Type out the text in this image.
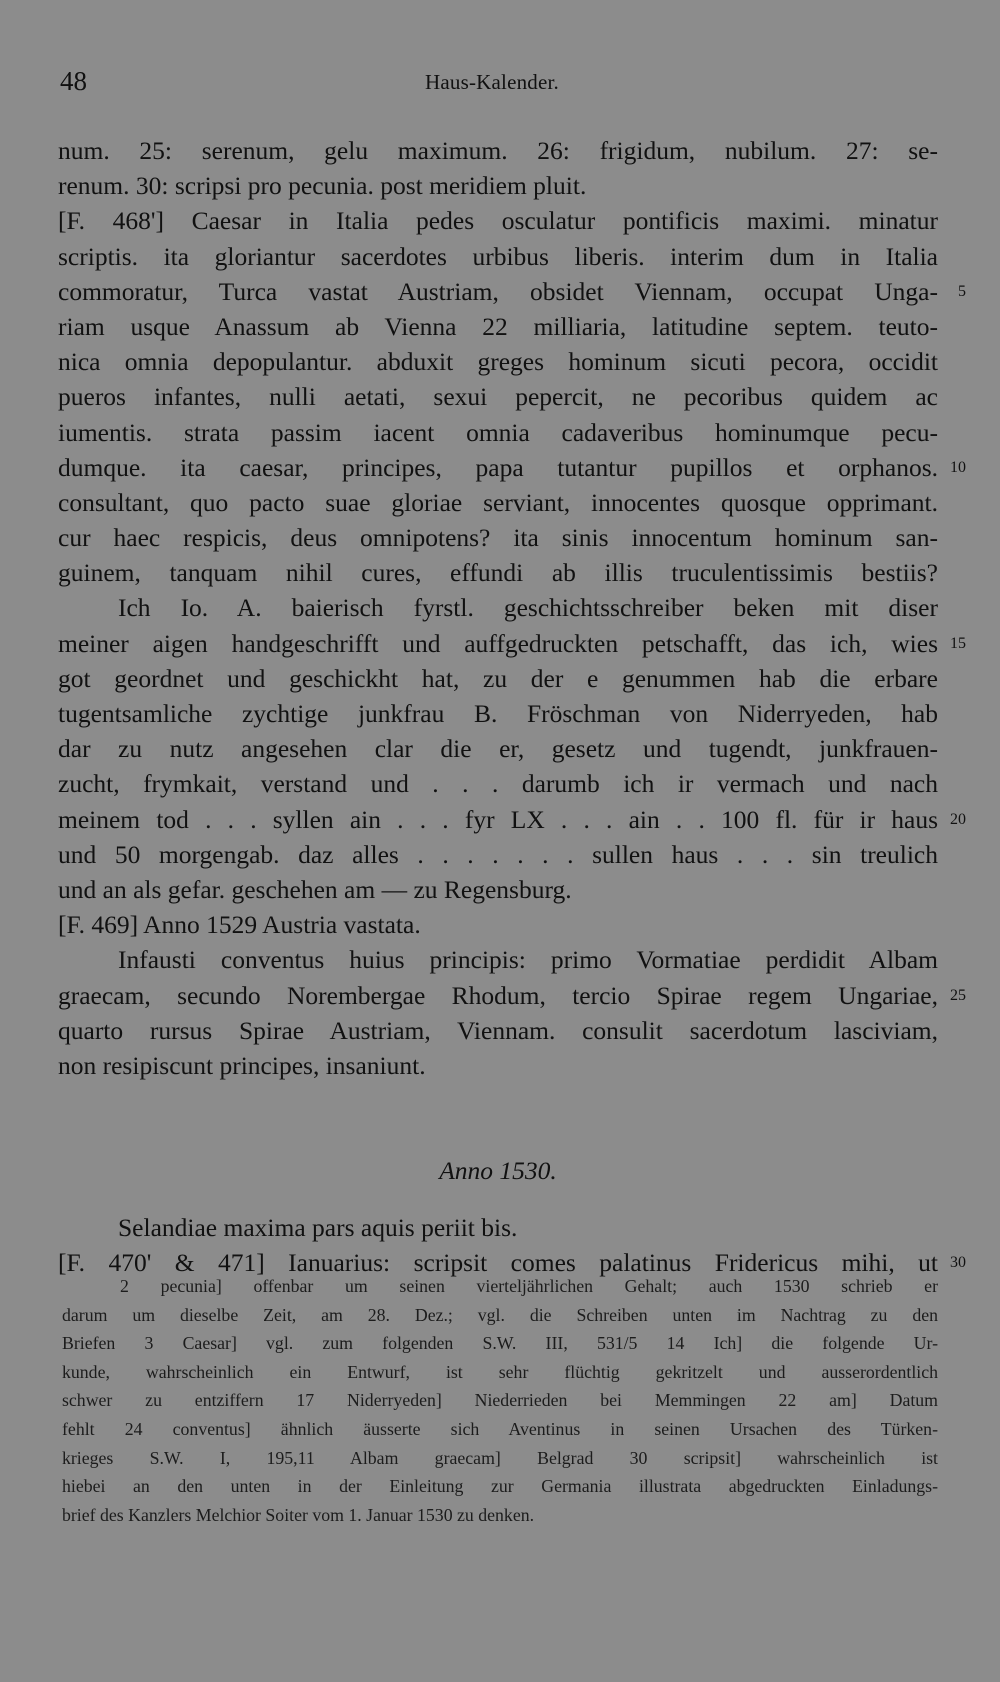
48	Haus-Kalender.
num. 25: serenum, gelu maximum. 26: frigidum, nubilum. 27: se-
renum. 30: scripsi pro pecunia. post meridiem pluit.
[F. 468'] Caesar in Italia pedes osculatur pontificis maximi. minatur
scriptis. ita gloriantur sacerdotes urbibus liberis. interim dum in Italia
commoratur, Turca vastat Austriam, obsidet Viennam, occupat Unga- 5
riam usque Anassum ab Vienna 22 milliaria, latitudine septem. teuto-
nica omnia depopulantur. abduxit greges hominum sicuti pecora, occidit
pueros infantes, nulli aetati, sexui pepercit, ne pecoribus quidem ac
iumentis. strata passim iacent omnia cadaveribus hominumque pecu-
dumque. ita caesar, principes, papa tutantur pupillos et orphanos. 10
consultant, quo pacto suae gloriae serviant, innocentes quosque opprimant.
cur haec respicis, deus omnipotens? ita sinis innocentum hominum san-
guinem, tanquam nihil cures, effundi ab illis truculentissimis bestiis?
Ich Io. A. baierisch fyrstl. geschichtsschreiber beken mit diser
meiner aigen handgeschrifft und auffgedruckten petschafft, das ich, wies 15
got geordnet und geschickht hat, zu der e genummen hab die erbare
tugentsamliche zychtige junkfrau B. Fröschman von Niderryeden, hab
dar zu nutz angesehen clar die er, gesetz und tugendt, junkfrauen-
zucht, frymkait, verstand und . . . darumb ich ir vermach und nach
meinem tod . . . syllen ain . . . fyr LX . . . ain . . 100 fl. für ir haus 20
und 50 morgengab. daz alles . . . . . . . sullen haus . . . sin treulich
und an als gefar. geschehen am — zu Regensburg.
[F. 469] Anno 1529 Austria vastata.
Infausti conventus huius principis: primo Vormatiae perdidit Albam
graecam, secundo Norembergae Rhodum, tercio Spirae regem Ungariae, 25
quarto rursus Spirae Austriam, Viennam. consulit sacerdotum lasciviam,
non resipiscunt principes, insaniunt.
Anno 1530.
Selandiae maxima pars aquis periit bis.
[F. 470' & 471] Ianuarius: scripsit comes palatinus Fridericus mihi, ut 30
2 pecunia] offenbar um seinen vierteljährlichen Gehalt; auch 1530 schrieb er
darum um dieselbe Zeit, am 28. Dez.; vgl. die Schreiben unten im Nachtrag zu den
Briefen 3 Caesar] vgl. zum folgenden S.W. III, 531/5 14 Ich] die folgende Ur-
kunde, wahrscheinlich ein Entwurf, ist sehr flüchtig gekritzelt und ausserordentlich
schwer zu entziffern 17 Niderryeden] Niederrieden bei Memmingen 22 am] Datum
fehlt 24 conventus] ähnlich äusserte sich Aventinus in seinen Ursachen des Türken-
krieges S.W. I, 195,11 Albam graecam] Belgrad 30 scripsit] wahrscheinlich ist
hiebei an den unten in der Einleitung zur Germania illustrata abgedruckten Einladungs-
brief des Kanzlers Melchior Soiter vom 1. Januar 1530 zu denken.
